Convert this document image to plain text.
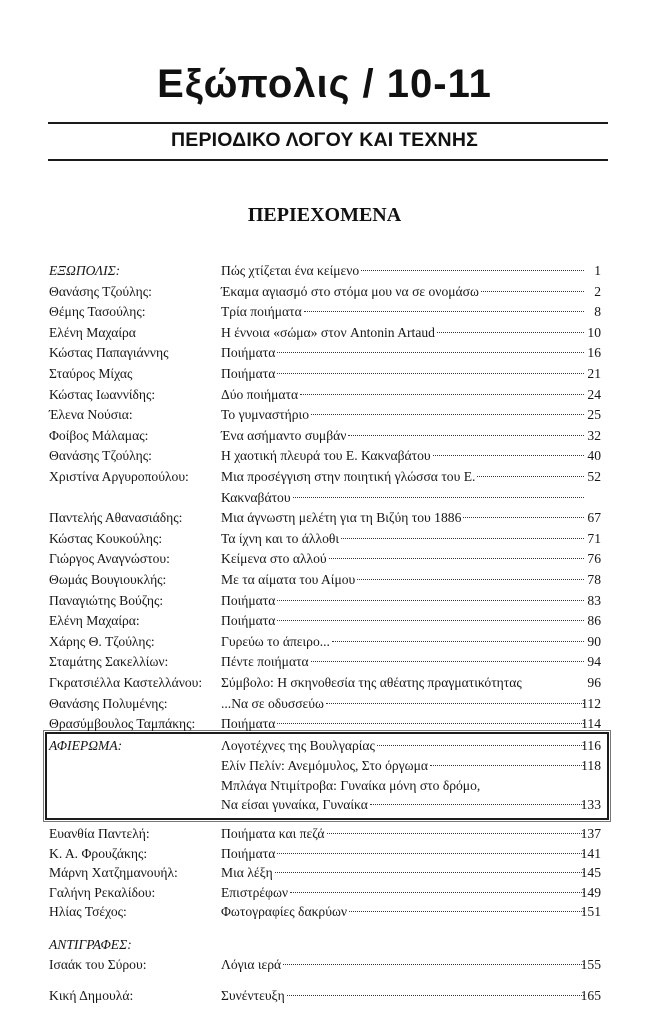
Εξώπολις / 10-11
ΠΕΡΙΟΔΙΚΟ ΛΟΓΟΥ ΚΑΙ ΤΕΧΝΗΣ
ΠΕΡΙΕΧΟΜΕΝΑ
ΕΞΩΠΟΛΙΣ:	Πώς χτίζεται ένα κείμενο	1
Θανάσης Τζούλης:	Έκαμα αγιασμό στο στόμα μου να σε ονομάσω	2
Θέμης Τασούλης:	Τρία ποιήματα	8
Ελένη Μαχαίρα	Η έννοια «σώμα» στον Antonin Artaud	10
Κώστας Παπαγιάννης	Ποιήματα	16
Σταύρος Μίχας	Ποιήματα	21
Κώστας Ιωαννίδης:	Δύο ποιήματα	24
Έλενα Νούσια:	Το γυμναστήριο	25
Φοίβος Μάλαμας:	Ένα ασήμαντο συμβάν	32
Θανάσης Τζούλης:	Η χαοτική πλευρά του Ε. Κακναβάτου	40
Χριστίνα Αργυροπούλου: Μια προσέγγιση στην ποιητική γλώσσα του Ε.	52
Κακναβάτου
Παντελής Αθανασιάδης:	Μια άγνωστη μελέτη για τη Βιζύη του 1886	67
Κώστας Κουκούλης:	Τα ίχνη και το άλλοθι	71
Γιώργος Αναγνώστου:	Κείμενα στο αλλού	76
Θωμάς Βουγιουκλής:	Με τα αίματα του Αίμου	78
Παναγιώτης Βούζης:	Ποιήματα	83
Ελένη Μαχαίρα:	Ποιήματα	86
Χάρης Θ. Τζούλης:	Γυρεύω το άπειρο...	90
Σταμάτης Σακελλίων:	Πέντε ποιήματα	94
Γκρατσιέλλα Καστελλάνου: Σύμβολο: Η σκηνοθεσία της αθέατης πραγματικότητας	96
Θανάσης Πολυμένης:	...Να σε οδυσσεύω	112
Θρασύμβουλος Ταμπάκης: Ποιήματα	114
ΑΦΙΕΡΩΜΑ:	Λογοτέχνες της Βουλγαρίας	116
Ελίν Πελίν: Ανεμόμυλος, Στο όργωμα	118
Μπλάγα Ντιμίτροβα: Γυναίκα μόνη στο δρόμο,
Να είσαι γυναίκα, Γυναίκα	133
Ευανθία Παντελή:	Ποιήματα και πεζά	137
Κ. Α. Φρουζάκης:	Ποιήματα	141
Μάρνη Χατζημανουήλ:	Μια λέξη	145
Γαλήνη Ρεκαλίδου:	Επιστρέφων	149
Ηλίας Τσέχος:	Φωτογραφίες δακρύων	151
ΑΝΤΙΓΡΑΦΕΣ:
Ισαάκ του Σύρου:	Λόγια ιερά	155
Κική Δημουλά:	Συνέντευξη	165
